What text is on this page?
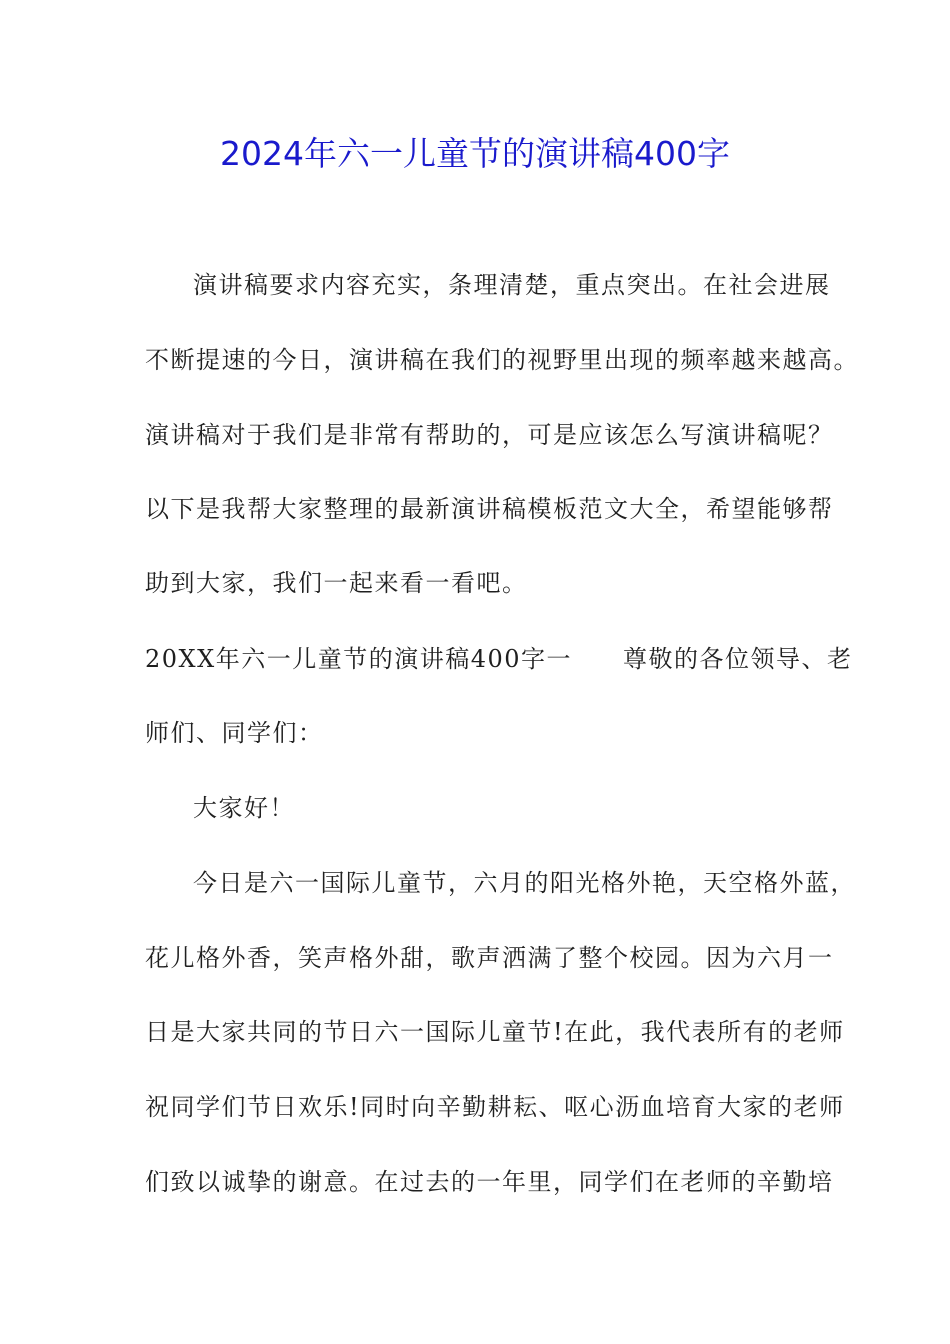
2024年六一儿童节的演讲稿400字
演讲稿要求内容充实，条理清楚，重点突出。在社会进展
不断提速的今日，演讲稿在我们的视野里出现的频率越来越高。
演讲稿对于我们是非常有帮助的，可是应该怎么写演讲稿呢？
以下是我帮大家整理的最新演讲稿模板范文大全，希望能够帮
助到大家，我们一起来看一看吧。
20XX年六一儿童节的演讲稿400字一　　尊敬的各位领导、老
师们、同学们：
大家好！
今日是六一国际儿童节，六月的阳光格外艳，天空格外蓝，
花儿格外香，笑声格外甜，歌声洒满了整个校园。因为六月一
日是大家共同的节日六一国际儿童节!在此，我代表所有的老师
祝同学们节日欢乐!同时向辛勤耕耘、呕心沥血培育大家的老师
们致以诚挚的谢意。在过去的一年里，同学们在老师的辛勤培
